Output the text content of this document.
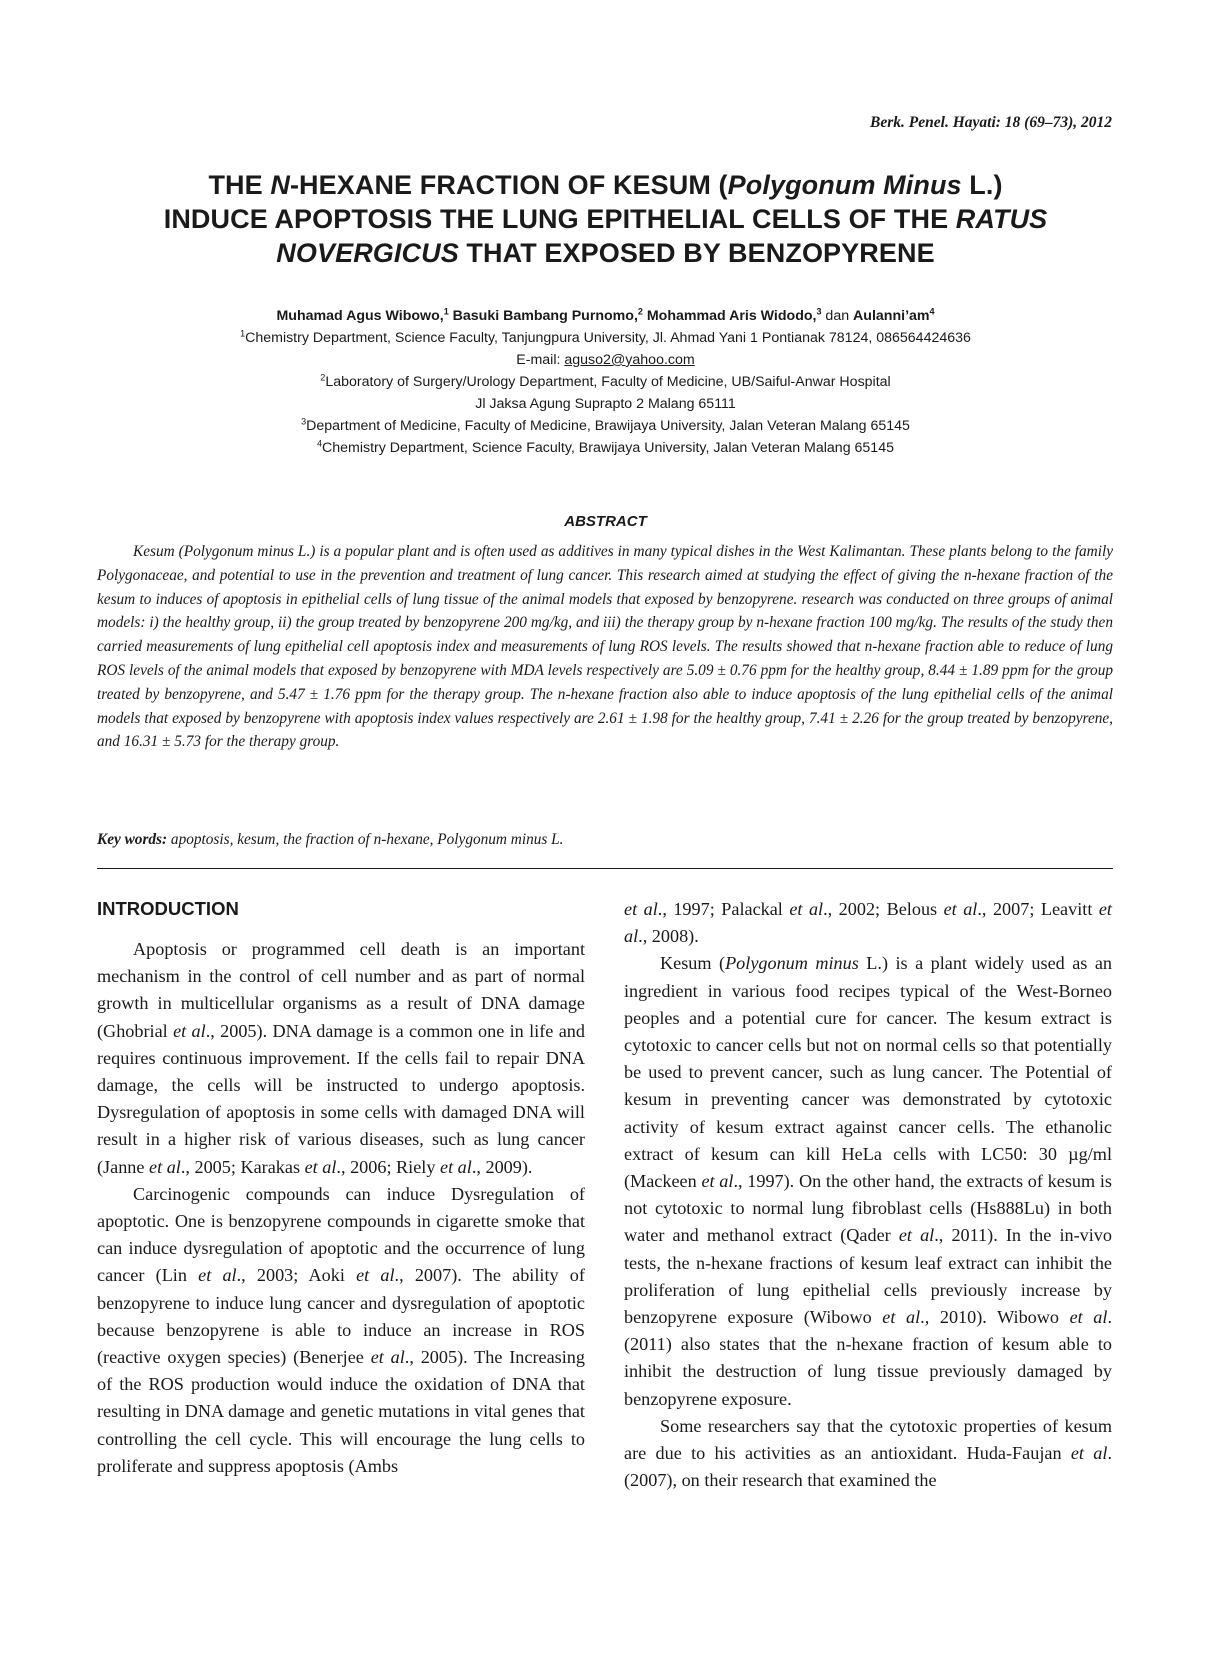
Berk. Penel. Hayati: 18 (69–73), 2012
THE N-HEXANE FRACTION OF KESUM (Polygonum Minus L.)
INDUCE APOPTOSIS THE LUNG EPITHELIAL CELLS OF THE RATUS
NOVERGICUS THAT EXPOSED BY BENZOPYRENE
Muhamad Agus Wibowo,$^1$ Basuki Bambang Purnomo,$^2$ Mohammad Aris Widodo,$^3$ dan $Aulanni’am^4$
$^1$Chemistry Department, Science Faculty, Tanjungpura University, Jl. Ahmad Yani 1 Pontianak 78124, 086564424636
E-mail: aguso2@yahoo.com
$^2$Laboratory of Surgery/Urology Department, Faculty of Medicine, UB/Saiful-Anwar Hospital
Jl Jaksa Agung Suprapto 2 Malang 65111
$^3$Department of Medicine, Faculty of Medicine, Brawijaya University, Jalan Veteran Malang 65145
$^4$Chemistry Department, Science Faculty, Brawijaya University, Jalan Veteran Malang 65145
ABSTRACT

Kesum (Polygonum minus L.) is a popular plant and is often used as additives in many typical dishes in the West Kalimantan. These plants belong to the family Polygonaceae, and potential to use in the prevention and treatment of lung cancer. This research aimed at studying the effect of giving the n-hexane fraction of the kesum to induces of apoptosis in epithelial cells of lung tissue of the animal models that exposed by benzopyrene. research was conducted on three groups of animal models: i) the healthy group, ii) the group treated by benzopyrene 200 mg/kg, and iii) the therapy group by n-hexane fraction 100 mg/kg. The results of the study then carried measurements of lung epithelial cell apoptosis index and measurements of lung ROS levels. The results showed that n-hexane fraction able to reduce of lung ROS levels of the animal models that exposed by benzopyrene with MDA levels respectively are 5.09 ± 0.76 ppm for the healthy group, 8.44 ± 1.89 ppm for the group treated by benzopyrene, and 5.47 ± 1.76 ppm for the therapy group. The n-hexane fraction also able to induce apoptosis of the lung epithelial cells of the animal models that exposed by benzopyrene with apoptosis index values respectively are 2.61 ± 1.98 for the healthy group, 7.41 ± 2.26 for the group treated by benzopyrene, and 16.31 ± 5.73 for the therapy group.

Key words: apoptosis, kesum, the fraction of n-hexane, Polygonum minus L.
INTRODUCTION

Apoptosis or programmed cell death is an important mechanism in the control of cell number and as part of normal growth in multicellular organisms as a result of DNA damage (Ghobrial et al., 2005). DNA damage is a common one in life and requires continuous improvement. If the cells fail to repair DNA damage, the cells will be instructed to undergo apoptosis. Dysregulation of apoptosis in some cells with damaged DNA will result in a higher risk of various diseases, such as lung cancer (Janne et al., 2005; Karakas et al., 2006; Riely et al., 2009).

Carcinogenic compounds can induce Dysregulation of apoptotic. One is benzopyrene compounds in cigarette smoke that can induce dysregulation of apoptotic and the occurrence of lung cancer (Lin et al., 2003; Aoki et al., 2007). The ability of benzopyrene to induce lung cancer and dysregulation of apoptotic because benzopyrene is able to induce an increase in ROS (reactive oxygen species) (Benerjee et al., 2005). The Increasing of the ROS production would induce the oxidation of DNA that resulting in DNA damage and genetic mutations in vital genes that controlling the cell cycle. This will encourage the lung cells to proliferate and suppress apoptosis (Ambs

et al., 1997; Palackal et al., 2002; Belous et al., 2007; Leavitt et al., 2008).

Kesum (Polygonum minus L.) is a plant widely used as an ingredient in various food recipes typical of the West-Borneo peoples and a potential cure for cancer. The kesum extract is cytotoxic to cancer cells but not on normal cells so that potentially be used to prevent cancer, such as lung cancer. The Potential of kesum in preventing cancer was demonstrated by cytotoxic activity of kesum extract against cancer cells. The ethanolic extract of kesum can kill HeLa cells with LC50: 30 µg/ml (Mackeen et al., 1997). On the other hand, the extracts of kesum is not cytotoxic to normal lung fibroblast cells (Hs888Lu) in both water and methanol extract (Qader et al., 2011). In the in-vivo tests, the n-hexane fractions of kesum leaf extract can inhibit the proliferation of lung epithelial cells previously increase by benzopyrene exposure (Wibowo et al., 2010). Wibowo et al. (2011) also states that the n-hexane fraction of kesum able to inhibit the destruction of lung tissue previously damaged by benzopyrene exposure.

Some researchers say that the cytotoxic properties of kesum are due to his activities as an antioxidant. Huda-Faujan et al. (2007), on their research that examined the
